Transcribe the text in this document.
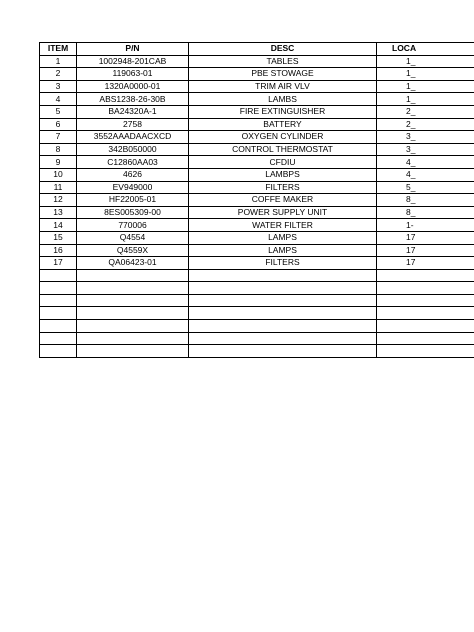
ITEM	P/N	DESC	LOCA
1	1002948-201CAB	TABLES	1_
2	119063-01	PBE STOWAGE	1_
3	1320A0000-01	TRIM AIR VLV	1_
4	ABS1238-26-30B	LAMBS	1_
5	BA24320A-1	FIRE EXTINGUISHER	2_
6	2758	BATTERY	2_
7	3552AAADAACXCD	OXYGEN CYLINDER	3_
8	342B050000	CONTROL THERMOSTAT	3_
9	C12860AA03	CFDIU	4_
10	4626	LAMBPS	4_
11	EV949000	FILTERS	5_
12	HF22005-01	COFFE MAKER	8_
13	8ES005309-00	POWER SUPPLY UNIT	8_
14	770006	WATER FILTER	1-
15	Q4554	LAMPS	17
16	Q4559X	LAMPS	17
17	QA06423-01	FILTERS	17
